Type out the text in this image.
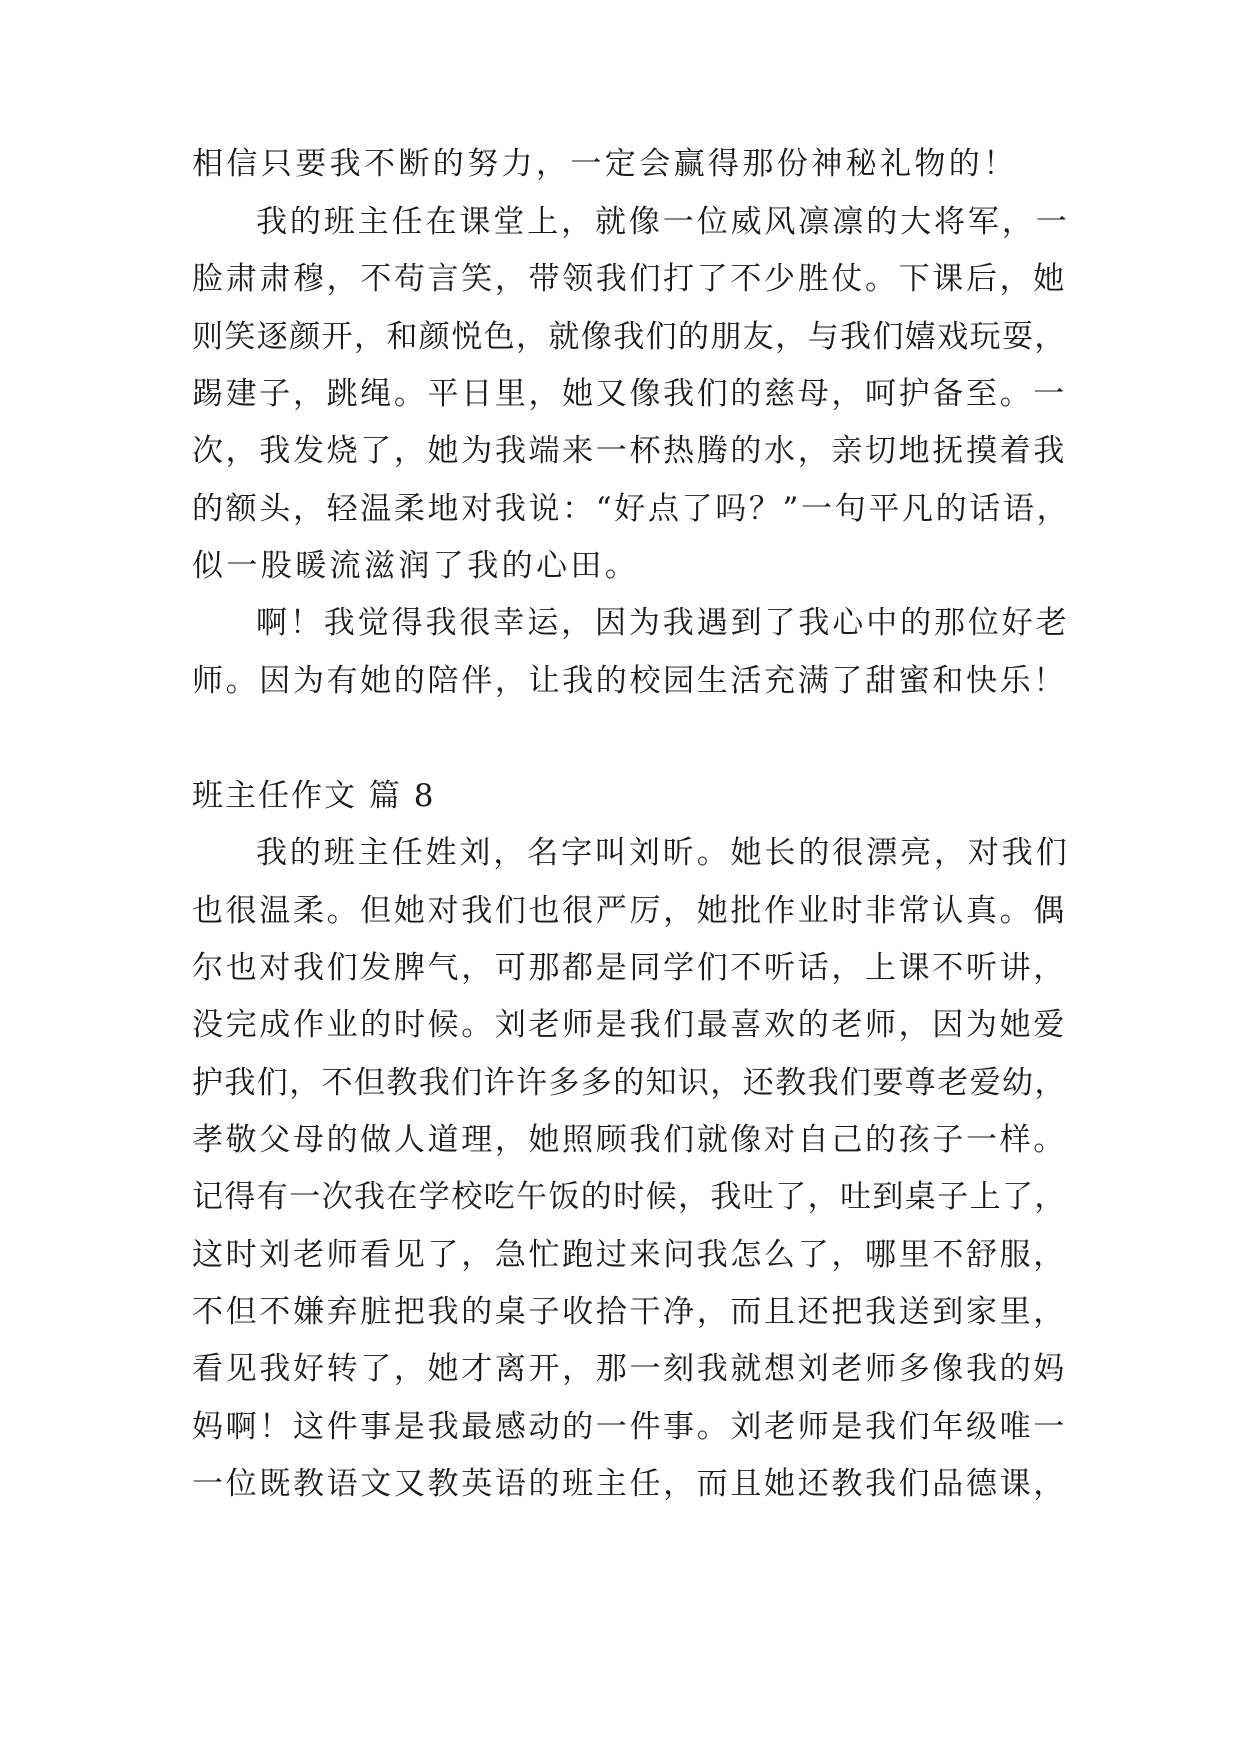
相信只要我不断的努力，一定会赢得那份神秘礼物的！
我的班主任在课堂上，就像一位威风凛凛的大将军，一
脸肃肃穆，不苟言笑，带领我们打了不少胜仗。下课后，她
则笑逐颜开，和颜悦色，就像我们的朋友，与我们嬉戏玩耍，
踢建子，跳绳。平日里，她又像我们的慈母，呵护备至。一
次，我发烧了，她为我端来一杯热腾的水，亲切地抚摸着我
的额头，轻温柔地对我说：“好点了吗？”一句平凡的话语，
似一股暖流滋润了我的心田。
啊！我觉得我很幸运，因为我遇到了我心中的那位好老
师。因为有她的陪伴，让我的校园生活充满了甜蜜和快乐！
班主任作文 篇 8
我的班主任姓刘，名字叫刘昕。她长的很漂亮，对我们
也很温柔。但她对我们也很严厉，她批作业时非常认真。偶
尔也对我们发脾气，可那都是同学们不听话，上课不听讲，
没完成作业的时候。刘老师是我们最喜欢的老师，因为她爱
护我们，不但教我们许许多多的知识，还教我们要尊老爱幼，
孝敬父母的做人道理，她照顾我们就像对自己的孩子一样。
记得有一次我在学校吃午饭的时候，我吐了，吐到桌子上了，
这时刘老师看见了，急忙跑过来问我怎么了，哪里不舒服，
不但不嫌弃脏把我的桌子收拾干净，而且还把我送到家里，
看见我好转了，她才离开，那一刻我就想刘老师多像我的妈
妈啊！这件事是我最感动的一件事。刘老师是我们年级唯一
一位既教语文又教英语的班主任，而且她还教我们品德课，
